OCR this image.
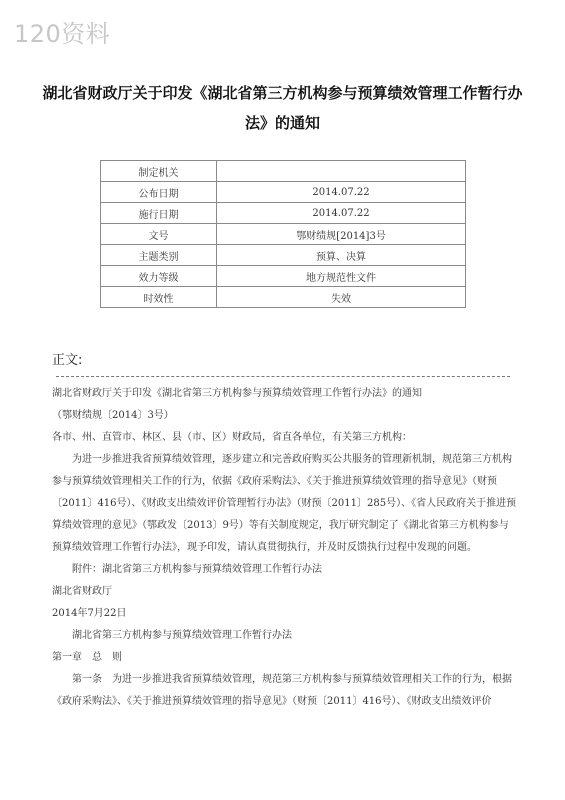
120资料
湖北省财政厅关于印发《湖北省第三方机构参与预算绩效管理工作暂行办法》的通知
制定机关	
公布日期	2014.07.22
施行日期	2014.07.22
文号	鄂财绩规[2014]3号
主题类别	预算、决算
效力等级	地方规范性文件
时效性	失效
正文:

湖北省财政厅关于印发《湖北省第三方机构参与预算绩效管理工作暂行办法》的通知

（鄂财绩规〔2014〕3号）

各市、州、直管市、林区、县（市、区）财政局，省直各单位，有关第三方机构：

为进一步推进我省预算绩效管理，逐步建立和完善政府购买公共服务的管理新机制，规范第三方机构参与预算绩效管理相关工作的行为，依据《政府采购法》、《关于推进预算绩效管理的指导意见》（财预〔2011〕416号）、《财政支出绩效评价管理暂行办法》（财预〔2011〕285号）、《省人民政府关于推进预算绩效管理的意见》（鄂政发〔2013〕9号）等有关制度规定，我厅研究制定了《湖北省第三方机构参与预算绩效管理工作暂行办法》，现予印发，请认真贯彻执行，并及时反馈执行过程中发现的问题。

附件：湖北省第三方机构参与预算绩效管理工作暂行办法

湖北省财政厅

2014年7月22日

湖北省第三方机构参与预算绩效管理工作暂行办法

第一章　总　则

第一条　为进一步推进我省预算绩效管理，规范第三方机构参与预算绩效管理相关工作的行为，根据《政府采购法》、《关于推进预算绩效管理的指导意见》（财预〔2011〕416号）、《财政支出绩效评价
